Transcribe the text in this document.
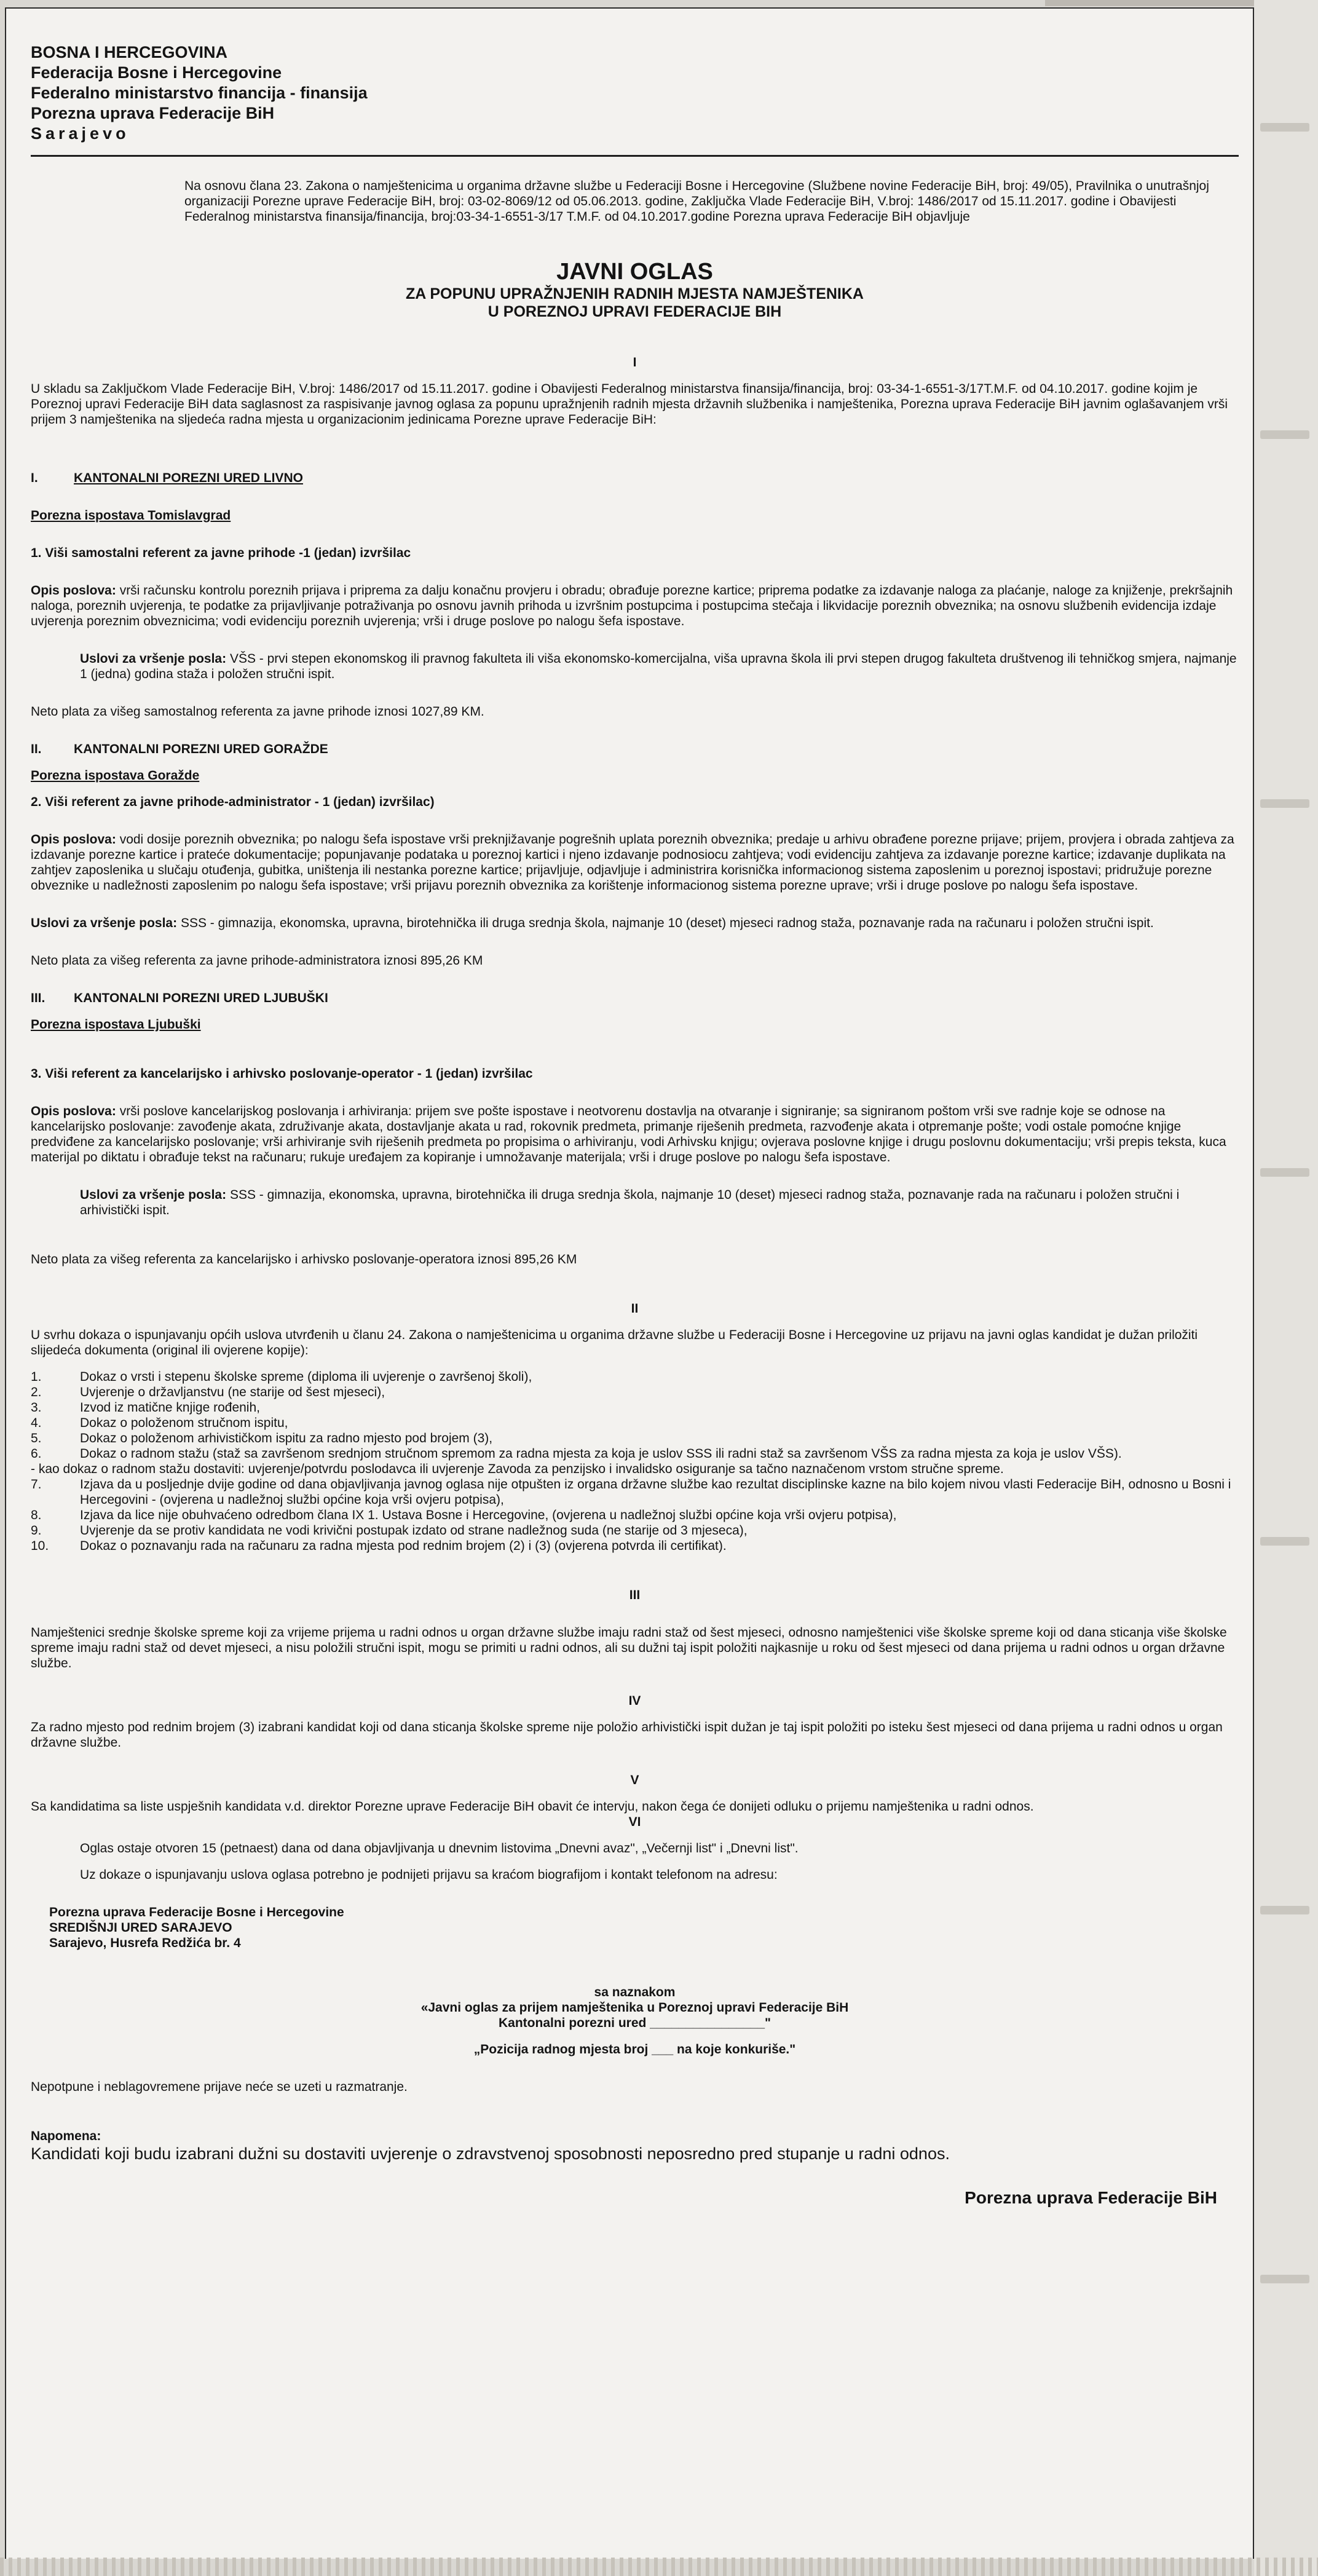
BOSNA I HERCEGOVINA
Federacija Bosne i Hercegovine
Federalno ministarstvo financija - finansija
Porezna uprava Federacije BiH
Sarajevo

Na osnovu člana 23. Zakona o namještenicima u organima državne službe u Federaciji Bosne i Hercegovine (Službene novine Federacije BiH, broj: 49/05), Pravilnika o unutrašnjoj organizaciji Porezne uprave Federacije BiH, broj: 03-02-8069/12 od 05.06.2013. godine, Zaključka Vlade Federacije BiH, V.broj: 1486/2017 od 15.11.2017. godine i Obavijesti Federalnog ministarstva finansija/financija, broj:03-34-1-6551-3/17 T.M.F. od 04.10.2017.godine Porezna uprava Federacije BiH objavljuje

JAVNI OGLAS
ZA POPUNU UPRAŽNJENIH RADNIH MJESTA NAMJEŠTENIKA
U POREZNOJ UPRAVI FEDERACIJE BIH
I

U skladu sa Zaključkom Vlade Federacije BiH, V.broj: 1486/2017 od 15.11.2017. godine i Obavijesti Federalnog ministarstva finansija/financija, broj: 03-34-1-6551-3/17T.M.F. od 04.10.2017. godine kojim je Poreznoj upravi Federacije BiH data saglasnost za raspisivanje javnog oglasa za popunu upražnjenih radnih mjesta državnih službenika i namještenika, Porezna uprava Federacije BiH javnim oglašavanjem vrši prijem 3 namještenika na sljedeća radna mjesta u organizacionim jedinicama Porezne uprave Federacije BiH:

I.	KANTONALNI POREZNI URED LIVNO

Porezna ispostava Tomislavgrad

1. Viši samostalni referent za javne prihode -1 (jedan) izvršilac

Opis poslova: vrši računsku kontrolu poreznih prijava i priprema za dalju konačnu provjeru i obradu; obrađuje porezne kartice; priprema podatke za izdavanje naloga za plaćanje, naloge za knjiženje, prekršajnih naloga, poreznih uvjerenja, te podatke za prijavljivanje potraživanja po osnovu javnih prihoda u izvršnim postupcima i postupcima stečaja i likvidacije poreznih obveznika; na osnovu službenih evidencija izdaje uvjerenja poreznim obveznicima; vodi evidenciju poreznih uvjerenja; vrši i druge poslove po nalogu šefa ispostave.

Uslovi za vršenje posla: VŠS - prvi stepen ekonomskog ili pravnog fakulteta ili viša ekonomsko-komercijalna, viša upravna škola ili prvi stepen drugog fakulteta društvenog ili tehničkog smjera, najmanje 1 (jedna) godina staža i položen stručni ispit.

Neto plata za višeg samostalnog referenta za javne prihode iznosi 1027,89 KM.

II. KANTONALNI POREZNI URED GORAŽDE

Porezna ispostava Goražde

2. Viši referent za javne prihode-administrator - 1 (jedan) izvršilac)

Opis poslova: vodi dosije poreznih obveznika; po nalogu šefa ispostave vrši preknjižavanje pogrešnih uplata poreznih obveznika; predaje u arhivu obrađene porezne prijave; prijem, provjera i obrada zahtjeva za izdavanje porezne kartice i prateće dokumentacije; popunjavanje podataka u poreznoj kartici i njeno izdavanje podnosiocu zahtjeva; vodi evidenciju zahtjeva za izdavanje porezne kartice; izdavanje duplikata na zahtjev zaposlenika u slučaju otuđenja, gubitka, uništenja ili nestanka porezne kartice; prijavljuje, odjavljuje i administrira korisnička informacionog sistema zaposlenim u poreznoj ispostavi; pridružuje porezne obveznike u nadležnosti zaposlenim po nalogu šefa ispostave; vrši prijavu poreznih obveznika za korištenje informacionog sistema porezne uprave; vrši i druge poslove po nalogu šefa ispostave.

Uslovi za vršenje posla: SSS - gimnazija, ekonomska, upravna, birotehnička ili druga srednja škola, najmanje 10 (deset) mjeseci radnog staža, poznavanje rada na računaru i položen stručni ispit.

Neto plata za višeg referenta za javne prihode-administratora iznosi 895,26 KM

III. KANTONALNI POREZNI URED LJUBUŠKI

Porezna ispostava Ljubuški

3. Viši referent za kancelarijsko i arhivsko poslovanje-operator - 1 (jedan) izvršilac

Opis poslova: vrši poslove kancelarijskog poslovanja i arhiviranja: prijem sve pošte ispostave i neotvorenu dostavlja na otvaranje i signiranje; sa signiranom poštom vrši sve radnje koje se odnose na kancelarijsko poslovanje: zavođenje akata, združivanje akata, dostavljanje akata u rad, rokovnik predmeta, primanje riješenih predmeta, razvođenje akata i otpremanje pošte; vodi ostale pomoćne knjige predviđene za kancelarijsko poslovanje; vrši arhiviranje svih riješenih predmeta po propisima o arhiviranju, vodi Arhivsku knjigu; ovjerava poslovne knjige i drugu poslovnu dokumentaciju; vrši prepis teksta, kuca materijal po diktatu i obrađuje tekst na računaru; rukuje uređajem za kopiranje i umnožavanje materijala; vrši i druge poslove po nalogu šefa ispostave.

Uslovi za vršenje posla: SSS - gimnazija, ekonomska, upravna, birotehnička ili druga srednja škola, najmanje 10 (deset) mjeseci radnog staža, poznavanje rada na računaru i položen stručni i arhivistički ispit.

Neto plata za višeg referenta za kancelarijsko i arhivsko poslovanje-operatora iznosi 895,26 KM

II

U svrhu dokaza o ispunjavanju općih uslova utvrđenih u članu 24. Zakona o namještenicima u organima državne službe u Federaciji Bosne i Hercegovine uz prijavu na javni oglas kandidat je dužan priložiti slijedeća dokumenta (original ili ovjerene kopije):

1.	Dokaz o vrsti i stepenu školske spreme (diploma ili uvjerenje o završenoj školi),
2.	Uvjerenje o državljanstvu (ne starije od šest mjeseci),
3.	Izvod iz matične knjige rođenih,
4.	Dokaz o položenom stručnom ispitu,
5.	Dokaz o položenom arhivističkom ispitu za radno mjesto pod brojem (3),
6.	Dokaz o radnom stažu (staž sa završenom srednjom stručnom spremom za radna mjesta za koja je uslov SSS ili radni staž sa završenom VŠS za radna mjesta za koja je uslov VŠS).
- kao dokaz o radnom stažu dostaviti: uvjerenje/potvrdu poslodavca ili uvjerenje Zavoda za penzijsko i invalidsko osiguranje sa tačno naznačenom vrstom stručne spreme.
7.	Izjava da u posljednje dvije godine od dana objavljivanja javnog oglasa nije otpušten iz organa državne službe kao rezultat disciplinske kazne na bilo kojem nivou vlasti Federacije BiH, odnosno u Bosni i Hercegovini - (ovjerena u nadležnoj službi općine koja vrši ovjeru potpisa),
8.	Izjava da lice nije obuhvaćeno odredbom člana IX 1. Ustava Bosne i Hercegovine, (ovjerena u nadležnoj službi općine koja vrši ovjeru potpisa),
9.	Uvjerenje da se protiv kandidata ne vodi krivični postupak izdato od strane nadležnog suda (ne starije od 3 mjeseca),
10.	Dokaz o poznavanju rada na računaru za radna mjesta pod rednim brojem (2) i (3) (ovjerena potvrda ili certifikat).
III

Namještenici srednje školske spreme koji za vrijeme prijema u radni odnos u organ državne službe imaju radni staž od šest mjeseci, odnosno namještenici više školske spreme koji od dana sticanja više školske spreme imaju radni staž od devet mjeseci, a nisu položili stručni ispit, mogu se primiti u radni odnos, ali su dužni taj ispit položiti najkasnije u roku od šest mjeseci od dana prijema u radni odnos u organ državne službe.

IV

Za radno mjesto pod rednim brojem (3) izabrani kandidat koji od dana sticanja školske spreme nije položio arhivistički ispit dužan je taj ispit položiti po isteku šest mjeseci od dana prijema u radni odnos u organ državne službe.

V

Sa kandidatima sa liste uspješnih kandidata v.d. direktor Porezne uprave Federacije BiH obavit će intervju, nakon čega će donijeti odluku o prijemu namještenika u radni odnos.

VI

Oglas ostaje otvoren 15 (petnaest) dana od dana objavljivanja u dnevnim listovima „Dnevni avaz", „Večernji list" i „Dnevni list".

Uz dokaze o ispunjavanju uslova oglasa potrebno je podnijeti prijavu sa kraćom biografijom i kontakt telefonom na adresu:

Porezna uprava Federacije Bosne i Hercegovine
SREDIŠNJI URED SARAJEVO
Sarajevo, Husrefa Redžića br. 4
sa naznakom
«Javni oglas za prijem namještenika u Poreznoj upravi Federacije BiH
Kantonalni porezni ured ________________"
„Pozicija radnog mjesta broj ___ na koje konkuriše."

Nepotpune i neblagovremene prijave neće se uzeti u razmatranje.

Napomena:

Kandidati koji budu izabrani dužni su dostaviti uvjerenje o zdravstvenoj sposobnosti neposredno pred stupanje u radni odnos.

Porezna uprava Federacije BiH
